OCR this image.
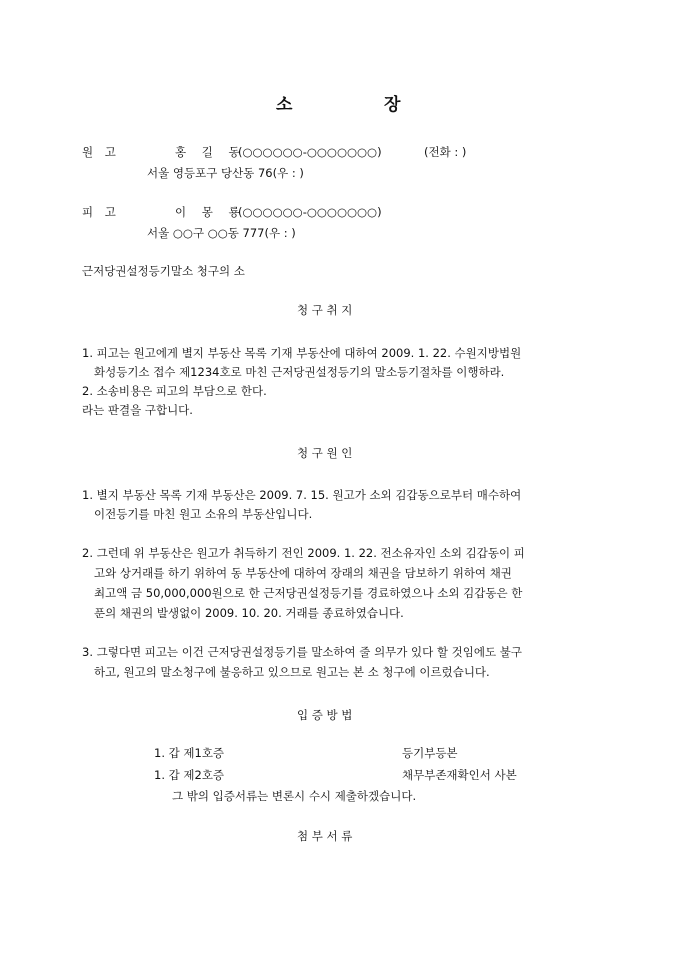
소	장
원 고	홍 길 동
(○○○○○○-○○○○○○○)	(전화 : )
서울 영등포구 당산동 76(우 : )
피 고	이 몽 룡
(○○○○○○-○○○○○○○)
서울 ○○구 ○○동 777(우 : )
근저당권설정등기말소 청구의 소
청 구 취 지
1. 피고는 원고에게 별지 부동산 목록 기재 부동산에 대하여 2009. 1. 22. 수원지방법원
화성등기소 접수 제1234호로 마친 근저당권설정등기의 말소등기절차를 이행하라.
2. 소송비용은 피고의 부담으로 한다.
라는 판결을 구합니다.
청 구 원 인
1. 별지 부동산 목록 기재 부동산은 2009. 7. 15. 원고가 소외 김갑동으로부터 매수하여
이전등기를 마친 원고 소유의 부동산입니다.
2. 그런데 위 부동산은 원고가 취득하기 전인 2009. 1. 22. 전소유자인 소외 김갑동이 피
고와 상거래를 하기 위하여 동 부동산에 대하여 장래의 채권을 담보하기 위하여 채권
최고액 금 50,000,000원으로 한 근저당권설정등기를 경료하였으나 소외 김갑동은 한
푼의 채권의 발생없이 2009. 10. 20. 거래를 종료하였습니다.
3. 그렇다면 피고는 이건 근저당권설정등기를 말소하여 줄 의무가 있다 할 것임에도 불구
하고, 원고의 말소청구에 불응하고 있으므로 원고는 본 소 청구에 이르렀습니다.
입 증 방 법
1. 갑 제1호증	등기부등본
1. 갑 제2호증	채무부존재확인서 사본
그 밖의 입증서류는 변론시 수시 제출하겠습니다.
첨 부 서 류
